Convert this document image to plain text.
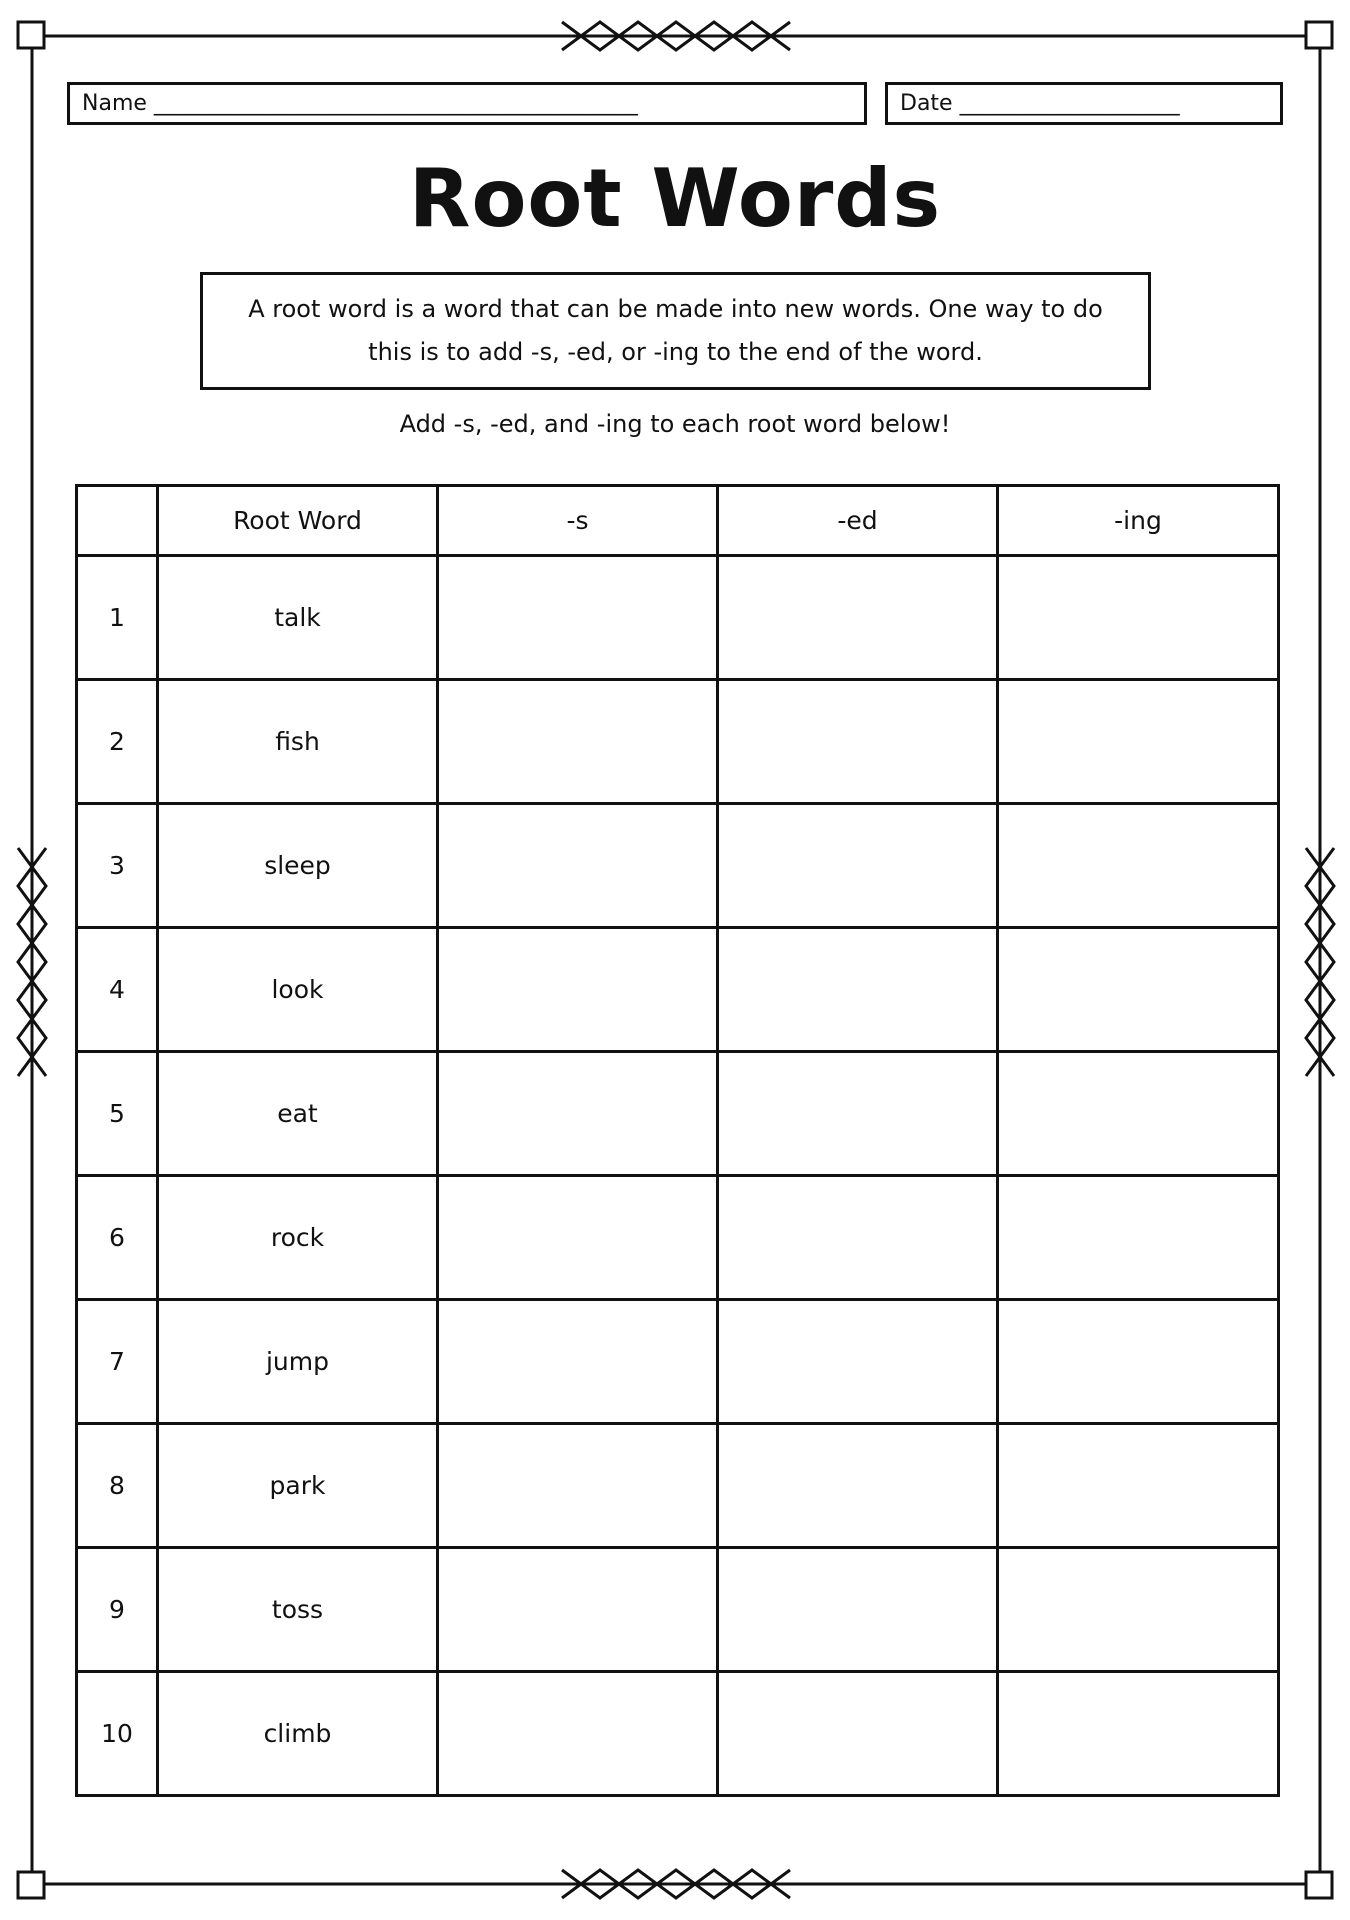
Name ____________________________________________	Date ____________________
Root Words
A root word is a word that can be made into new words. One way to do this is to add -s, -ed, or -ing to the end of the word.
Add -s, -ed, and -ing to each root word below!
	Root Word	-s	-ed	-ing
1	talk			
2	fish			
3	sleep			
4	look			
5	eat			
6	rock			
7	jump			
8	park			
9	toss			
10	climb			
